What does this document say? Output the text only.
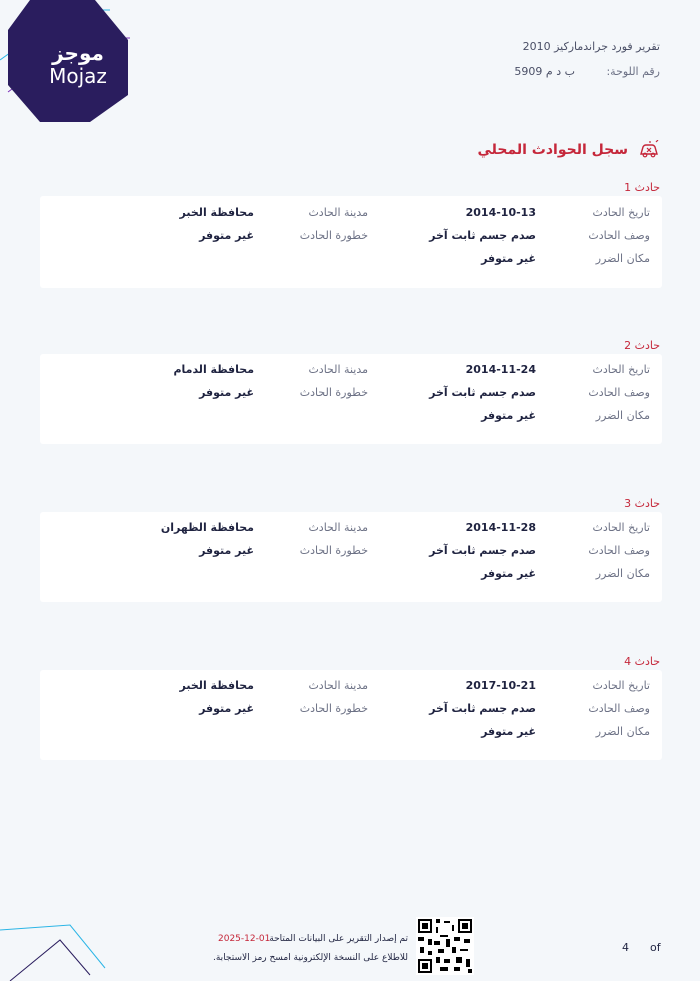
موجز
Mojaz
تقرير فورد جراندماركيز 2010
رقم اللوحة: ب د م 5909
سجل الحوادث المحلي
حادث 1
تاريخ الحادث
2014-10-13
مدينة الحادث
محافظة الخبر
وصف الحادث
صدم جسم ثابت آخر
خطورة الحادث
غير متوفر
مكان الضرر
غير متوفر
حادث 2
تاريخ الحادث
2014-11-24
مدينة الحادث
محافظة الدمام
وصف الحادث
صدم جسم ثابت آخر
خطورة الحادث
غير متوفر
مكان الضرر
غير متوفر
حادث 3
تاريخ الحادث
2014-11-28
مدينة الحادث
محافظة الظهران
وصف الحادث
صدم جسم ثابت آخر
خطورة الحادث
غير متوفر
مكان الضرر
غير متوفر
حادث 4
تاريخ الحادث
2017-10-21
مدينة الحادث
محافظة الخبر
وصف الحادث
صدم جسم ثابت آخر
خطورة الحادث
غير متوفر
مكان الضرر
غير متوفر
تم إصدار التقرير على البيانات المتاحة
للاطلاع على النسخة الإلكترونية امسح رمز الاستجابة.
2025-12-01
4 of
